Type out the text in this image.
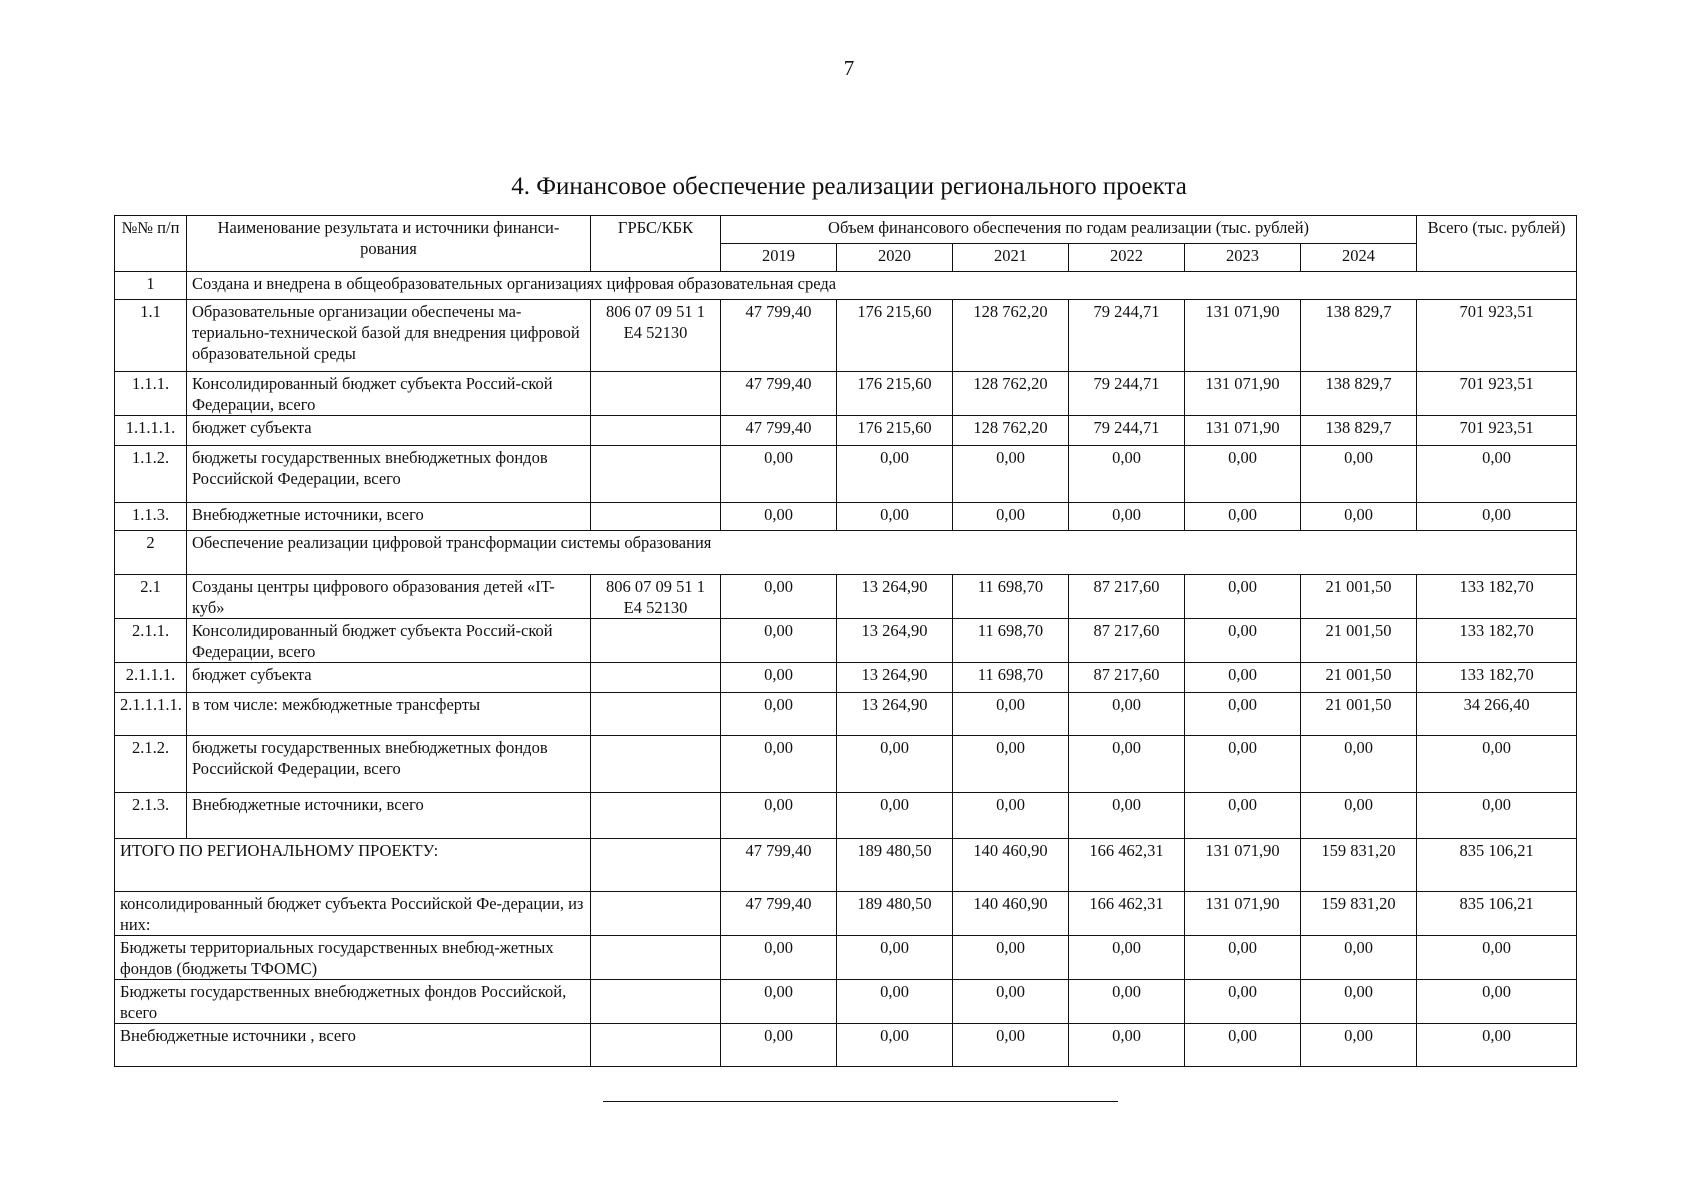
7
4. Финансовое обеспечение реализации регионального проекта
№№ п/п	Наименование результата и источники финанси-рования	ГРБС/КБК	Объем финансового обеспечения по годам реализации (тыс. рублей)						Всего (тыс. рублей)
			2019	2020	2021	2022	2023	2024	
1	Создана и внедрена в общеобразовательных организациях цифровая образовательная среда								
1.1	Образовательные организации обеспечены ма-териально-технической базой для внедрения цифровой образовательной среды	806 07 09 51 1 Е4 52130	47 799,40	176 215,60	128 762,20	79 244,71	131 071,90	138 829,7	701 923,51
1.1.1.	Консолидированный бюджет субъекта Россий-ской Федерации, всего		47 799,40	176 215,60	128 762,20	79 244,71	131 071,90	138 829,7	701 923,51
1.1.1.1.	бюджет субъекта		47 799,40	176 215,60	128 762,20	79 244,71	131 071,90	138 829,7	701 923,51
1.1.2.	бюджеты государственных внебюджетных фондов Российской Федерации, всего		0,00	0,00	0,00	0,00	0,00	0,00	0,00
1.1.3.	Внебюджетные источники, всего		0,00	0,00	0,00	0,00	0,00	0,00	0,00
2	Обеспечение реализации цифровой трансформации системы образования								
2.1	Созданы центры цифрового образования детей «IT-куб»	806 07 09 51 1 Е4 52130	0,00	13 264,90	11 698,70	87 217,60	0,00	21 001,50	133 182,70
2.1.1.	Консолидированный бюджет субъекта Россий-ской Федерации, всего		0,00	13 264,90	11 698,70	87 217,60	0,00	21 001,50	133 182,70
2.1.1.1.	бюджет субъекта		0,00	13 264,90	11 698,70	87 217,60	0,00	21 001,50	133 182,70
2.1.1.1.1.	в том числе: межбюджетные трансферты		0,00	13 264,90	0,00	0,00	0,00	21 001,50	34 266,40
2.1.2.	бюджеты государственных внебюджетных фондов Российской Федерации, всего		0,00	0,00	0,00	0,00	0,00	0,00	0,00
2.1.3.	Внебюджетные источники, всего		0,00	0,00	0,00	0,00	0,00	0,00	0,00
ИТОГО ПО РЕГИОНАЛЬНОМУ ПРОЕКТУ:			47 799,40	189 480,50	140 460,90	166 462,31	131 071,90	159 831,20	835 106,21
консолидированный бюджет субъекта Российской Фе-дерации, из них:			47 799,40	189 480,50	140 460,90	166 462,31	131 071,90	159 831,20	835 106,21
Бюджеты территориальных государственных внебюд-жетных фондов (бюджеты ТФОМС)			0,00	0,00	0,00	0,00	0,00	0,00	0,00
Бюджеты государственных внебюджетных фондов Российской, всего			0,00	0,00	0,00	0,00	0,00	0,00	0,00
Внебюджетные источники , всего			0,00	0,00	0,00	0,00	0,00	0,00	0,00
